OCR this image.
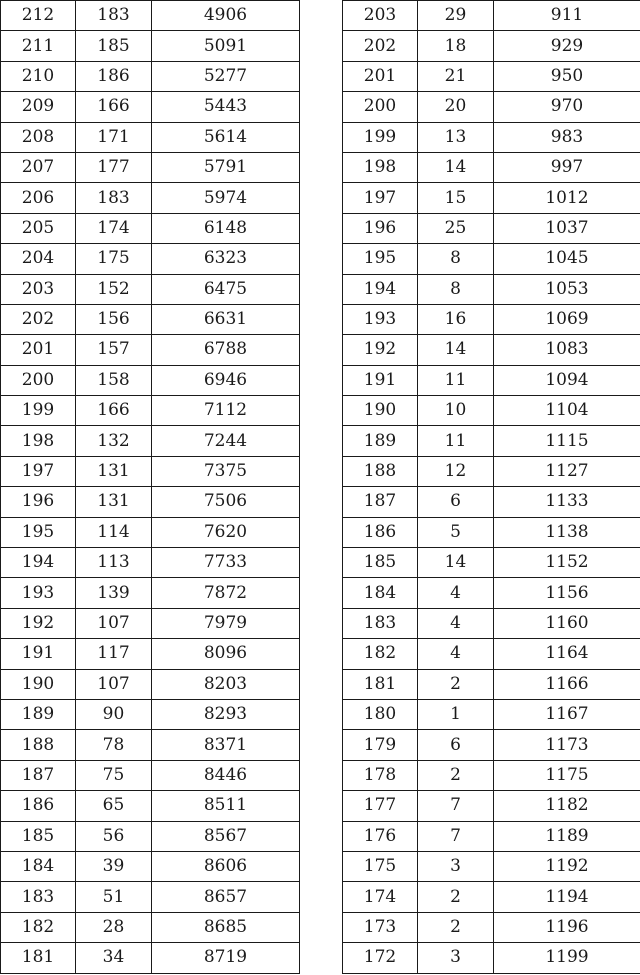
212	183	4906
211	185	5091
210	186	5277
209	166	5443
208	171	5614
207	177	5791
206	183	5974
205	174	6148
204	175	6323
203	152	6475
202	156	6631
201	157	6788
200	158	6946
199	166	7112
198	132	7244
197	131	7375
196	131	7506
195	114	7620
194	113	7733
193	139	7872
192	107	7979
191	117	8096
190	107	8203
189	90	8293
188	78	8371
187	75	8446
186	65	8511
185	56	8567
184	39	8606
183	51	8657
182	28	8685
181	34	8719
203	29	911
202	18	929
201	21	950
200	20	970
199	13	983
198	14	997
197	15	1012
196	25	1037
195	8	1045
194	8	1053
193	16	1069
192	14	1083
191	11	1094
190	10	1104
189	11	1115
188	12	1127
187	6	1133
186	5	1138
185	14	1152
184	4	1156
183	4	1160
182	4	1164
181	2	1166
180	1	1167
179	6	1173
178	2	1175
177	7	1182
176	7	1189
175	3	1192
174	2	1194
173	2	1196
172	3	1199
